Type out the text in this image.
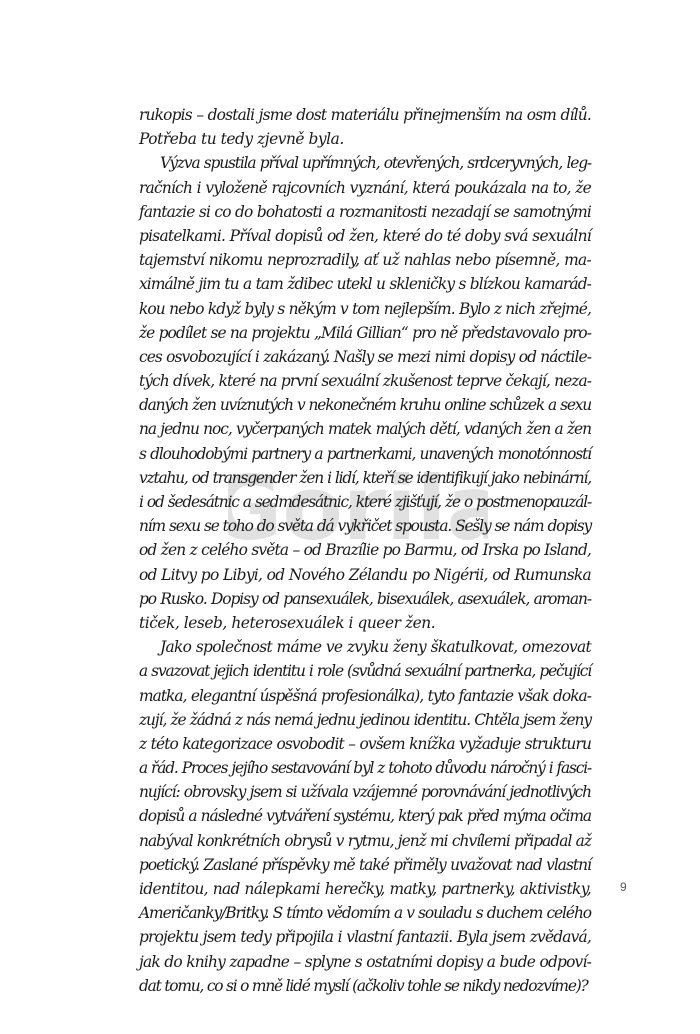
Gorila
rukopis – dostali jsme dost materiálu přinejmenším na osm dílů.
Potřeba tu tedy zjevně byla.
Výzva spustila příval upřímných, otevřených, srdceryvných, leg-
račních i vyloženě rajcovních vyznání, která poukázala na to, že
fantazie si co do bohatosti a rozmanitosti nezadají se samotnými
pisatelkami. Příval dopisů od žen, které do té doby svá sexuální
tajemství nikomu neprozradily, ať už nahlas nebo písemně, ma-
ximálně jim tu a tam ždibec utekl u skleničky s blízkou kamarád-
kou nebo když byly s někým v tom nejlepším. Bylo z nich zřejmé,
že podílet se na projektu „Milá Gillian“ pro ně představovalo pro-
ces osvobozující i zakázaný. Našly se mezi nimi dopisy od náctile-
tých dívek, které na první sexuální zkušenost teprve čekají, neza-
daných žen uvíznutých v nekonečném kruhu online schůzek a sexu
na jednu noc, vyčerpaných matek malých dětí, vdaných žen a žen
s dlouhodobými partnery a partnerkami, unavených monotónností
vztahu, od transgender žen i lidí, kteří se identifikují jako nebinární,
i od šedesátnic a sedmdesátnic, které zjišťují, že o postmenopauzál-
ním sexu se toho do světa dá vykřičet spousta. Sešly se nám dopisy
od žen z celého světa – od Brazílie po Barmu, od Irska po Island,
od Litvy po Libyi, od Nového Zélandu po Nigérii, od Rumunska
po Rusko. Dopisy od pansexuálek, bisexuálek, asexuálek, aroman-
tiček, leseb, heterosexuálek i queer žen.
Jako společnost máme ve zvyku ženy škatulkovat, omezovat
a svazovat jejich identitu i role (svůdná sexuální partnerka, pečující
matka, elegantní úspěšná profesionálka), tyto fantazie však doka-
zují, že žádná z nás nemá jednu jedinou identitu. Chtěla jsem ženy
z této kategorizace osvobodit – ovšem knížka vyžaduje strukturu
a řád. Proces jejího sestavování byl z tohoto důvodu náročný i fasci-
nující: obrovsky jsem si užívala vzájemné porovnávání jednotlivých
dopisů a následné vytváření systému, který pak před mýma očima
nabýval konkrétních obrysů v rytmu, jenž mi chvílemi připadal až
poetický. Zaslané příspěvky mě také přiměly uvažovat nad vlastní
identitou, nad nálepkami herečky, matky, partnerky, aktivistky,
Američanky/Britky. S tímto vědomím a v souladu s duchem celého
projektu jsem tedy připojila i vlastní fantazii. Byla jsem zvědavá,
jak do knihy zapadne – splyne s ostatními dopisy a bude odpoví-
dat tomu, co si o mně lidé myslí (ačkoliv tohle se nikdy nedozvíme)?
9
